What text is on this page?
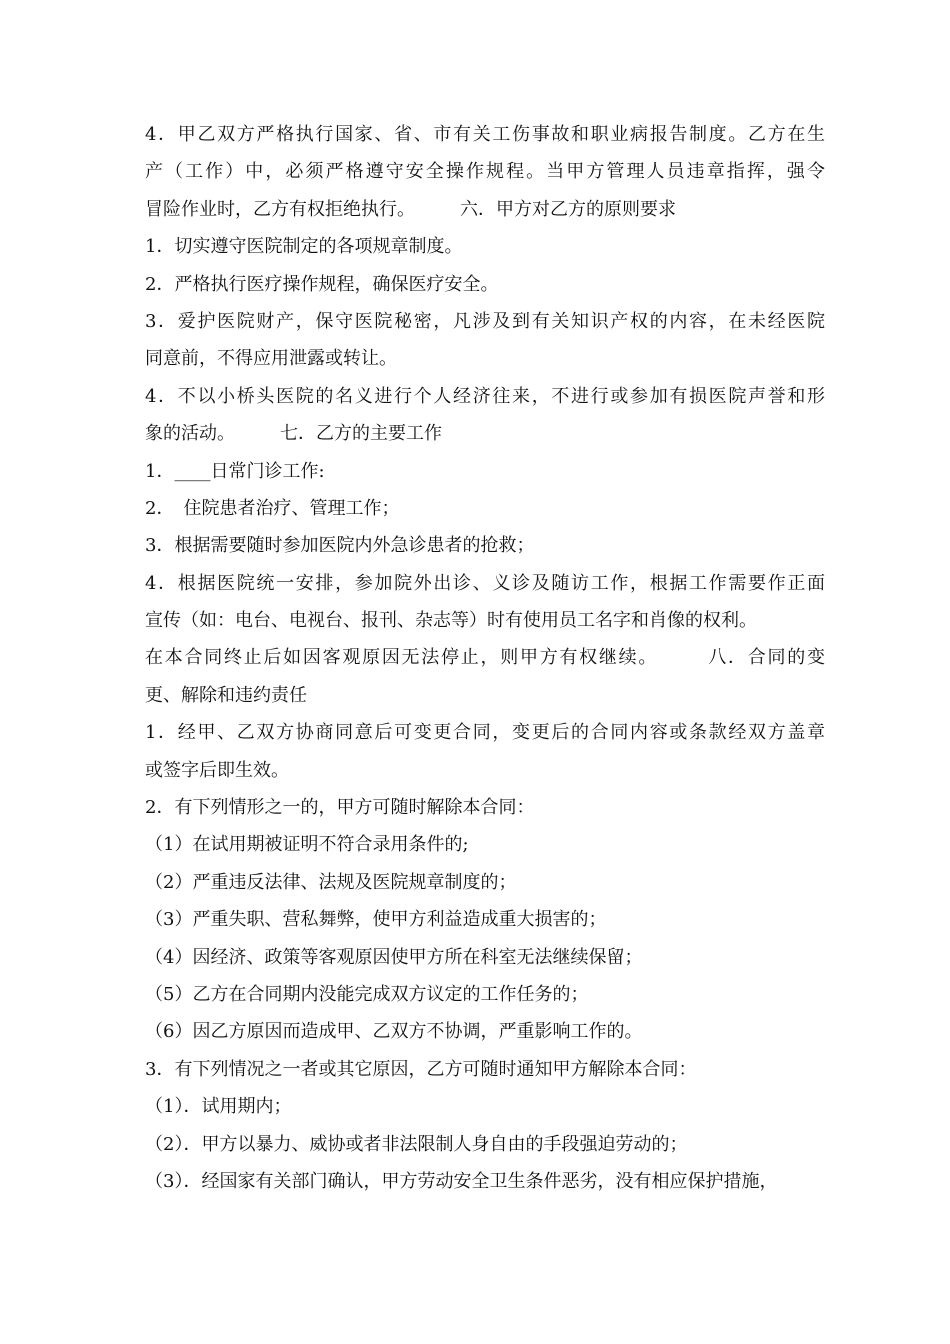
4．甲乙双方严格执行国家、省、市有关工伤事故和职业病报告制度。乙方在生
产（工作）中，必须严格遵守安全操作规程。当甲方管理人员违章指挥，强令
冒险作业时，乙方有权拒绝执行。　　　六．甲方对乙方的原则要求
1．切实遵守医院制定的各项规章制度。
2．严格执行医疗操作规程，确保医疗安全。
3．爱护医院财产，保守医院秘密，凡涉及到有关知识产权的内容，在未经医院
同意前，不得应用泄露或转让。
4．不以小桥头医院的名义进行个人经济往来，不进行或参加有损医院声誉和形
象的活动。　　　七．乙方的主要工作
1．____日常门诊工作:
2．　住院患者治疗、管理工作；
3．根据需要随时参加医院内外急诊患者的抢救；
4．根据医院统一安排，参加院外出诊、义诊及随访工作，根据工作需要作正面
宣传（如：电台、电视台、报刊、杂志等）时有使用员工名字和肖像的权利。
在本合同终止后如因客观原因无法停止，则甲方有权继续。　　　八．合同的变
更、解除和违约责任
1．经甲、乙双方协商同意后可变更合同，变更后的合同内容或条款经双方盖章
或签字后即生效。
2．有下列情形之一的，甲方可随时解除本合同：
（1）在试用期被证明不符合录用条件的;
（2）严重违反法律、法规及医院规章制度的；
（3）严重失职、营私舞弊，使甲方利益造成重大损害的；
（4）因经济、政策等客观原因使甲方所在科室无法继续保留；
（5）乙方在合同期内没能完成双方议定的工作任务的；
（6）因乙方原因而造成甲、乙双方不协调，严重影响工作的。
3．有下列情况之一者或其它原因，乙方可随时通知甲方解除本合同：
（1）．试用期内；
（2）．甲方以暴力、威协或者非法限制人身自由的手段强迫劳动的；
（3）．经国家有关部门确认，甲方劳动安全卫生条件恶劣，没有相应保护措施，
